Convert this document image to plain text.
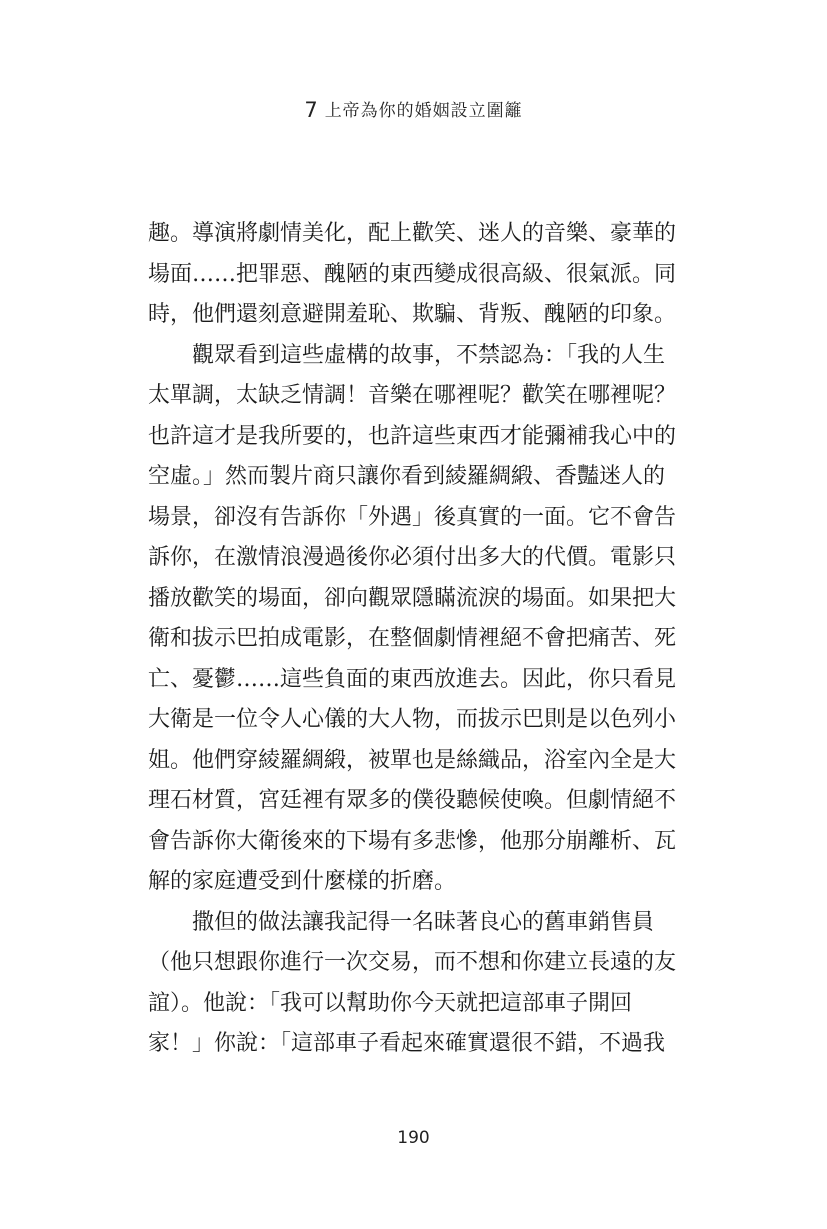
7 上帝為你的婚姻設立圍籬
趣。導演將劇情美化，配上歡笑、迷人的音樂、豪華的
場面……把罪惡、醜陋的東西變成很高級、很氣派。同
時，他們還刻意避開羞恥、欺騙、背叛、醜陋的印象。
觀眾看到這些虛構的故事，不禁認為：「我的人生
太單調，太缺乏情調！音樂在哪裡呢？歡笑在哪裡呢？
也許這才是我所要的，也許這些東西才能彌補我心中的
空虛。」然而製片商只讓你看到綾羅綢緞、香豔迷人的
場景，卻沒有告訴你「外遇」後真實的一面。它不會告
訴你，在激情浪漫過後你必須付出多大的代價。電影只
播放歡笑的場面，卻向觀眾隱瞞流淚的場面。如果把大
衛和拔示巴拍成電影，在整個劇情裡絕不會把痛苦、死
亡、憂鬱……這些負面的東西放進去。因此，你只看見
大衛是一位令人心儀的大人物，而拔示巴則是以色列小
姐。他們穿綾羅綢緞，被單也是絲織品，浴室內全是大
理石材質，宮廷裡有眾多的僕役聽候使喚。但劇情絕不
會告訴你大衛後來的下場有多悲慘，他那分崩離析、瓦
解的家庭遭受到什麼樣的折磨。
撒但的做法讓我記得一名昧著良心的舊車銷售員
（他只想跟你進行一次交易，而不想和你建立長遠的友
誼）。他說：「我可以幫助你今天就把這部車子開回
家！」你說：「這部車子看起來確實還很不錯，不過我
190
